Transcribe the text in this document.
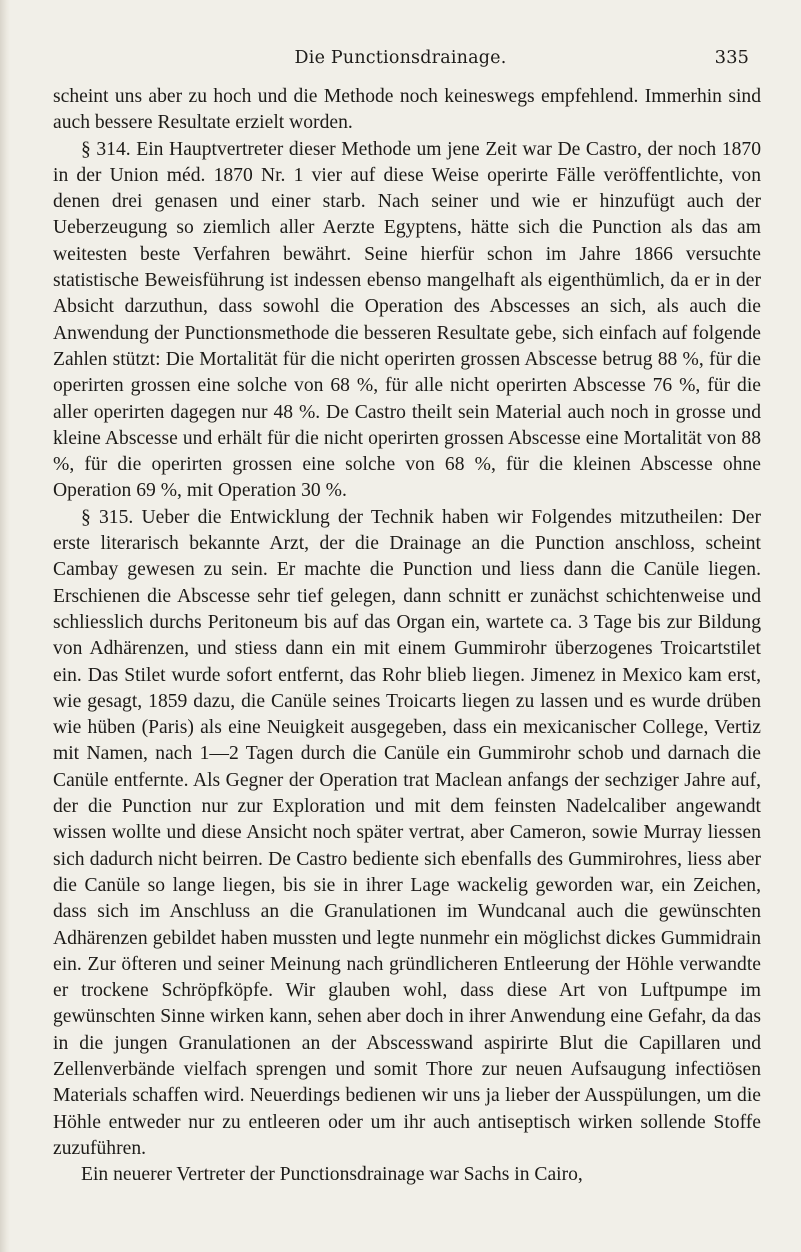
Die Punctionsdrainage.	335

scheint uns aber zu hoch und die Methode noch keineswegs empfehlend. Immerhin sind auch bessere Resultate erzielt worden.

§ 314. Ein Hauptvertreter dieser Methode um jene Zeit war De Castro, der noch 1870 in der Union méd. 1870 Nr. 1 vier auf diese Weise operirte Fälle veröffentlichte, von denen drei genasen und einer starb. Nach seiner und wie er hinzufügt auch der Ueberzeugung so ziemlich aller Aerzte Egyptens, hätte sich die Punction als das am weitesten beste Verfahren bewährt. Seine hierfür schon im Jahre 1866 versuchte statistische Beweisführung ist indessen ebenso mangelhaft als eigenthümlich, da er in der Absicht darzuthun, dass sowohl die Operation des Abscesses an sich, als auch die Anwendung der Punctionsmethode die besseren Resultate gebe, sich einfach auf folgende Zahlen stützt: Die Mortalität für die nicht operirten grossen Abscesse betrug 88 %, für die operirten grossen eine solche von 68 %, für alle nicht operirten Abscesse 76 %, für die aller operirten dagegen nur 48 %. De Castro theilt sein Material auch noch in grosse und kleine Abscesse und erhält für die nicht operirten grossen Abscesse eine Mortalität von 88 %, für die operirten grossen eine solche von 68 %, für die kleinen Abscesse ohne Operation 69 %, mit Operation 30 %.

§ 315. Ueber die Entwicklung der Technik haben wir Folgendes mitzutheilen: Der erste literarisch bekannte Arzt, der die Drainage an die Punction anschloss, scheint Cambay gewesen zu sein. Er machte die Punction und liess dann die Canüle liegen. Erschienen die Abscesse sehr tief gelegen, dann schnitt er zunächst schichtenweise und schliesslich durchs Peritoneum bis auf das Organ ein, wartete ca. 3 Tage bis zur Bildung von Adhärenzen, und stiess dann ein mit einem Gummirohr überzogenes Troicartstilet ein. Das Stilet wurde sofort entfernt, das Rohr blieb liegen. Jimenez in Mexico kam erst, wie gesagt, 1859 dazu, die Canüle seines Troicarts liegen zu lassen und es wurde drüben wie hüben (Paris) als eine Neuigkeit ausgegeben, dass ein mexicanischer College, Vertiz mit Namen, nach 1—2 Tagen durch die Canüle ein Gummirohr schob und darnach die Canüle entfernte. Als Gegner der Operation trat Maclean anfangs der sechziger Jahre auf, der die Punction nur zur Exploration und mit dem feinsten Nadelcaliber angewandt wissen wollte und diese Ansicht noch später vertrat, aber Cameron, sowie Murray liessen sich dadurch nicht beirren. De Castro bediente sich ebenfalls des Gummirohres, liess aber die Canüle so lange liegen, bis sie in ihrer Lage wackelig geworden war, ein Zeichen, dass sich im Anschluss an die Granulationen im Wundcanal auch die gewünschten Adhärenzen gebildet haben mussten und legte nunmehr ein möglichst dickes Gummidrain ein. Zur öfteren und seiner Meinung nach gründlicheren Entleerung der Höhle verwandte er trockene Schröpfköpfe. Wir glauben wohl, dass diese Art von Luftpumpe im gewünschten Sinne wirken kann, sehen aber doch in ihrer Anwendung eine Gefahr, da das in die jungen Granulationen an der Abscesswand aspirirte Blut die Capillaren und Zellenverbände vielfach sprengen und somit Thore zur neuen Aufsaugung infectiösen Materials schaffen wird. Neuerdings bedienen wir uns ja lieber der Ausspülungen, um die Höhle entweder nur zu entleeren oder um ihr auch antiseptisch wirken sollende Stoffe zuzuführen.

Ein neuerer Vertreter der Punctionsdrainage war Sachs in Cairo,
